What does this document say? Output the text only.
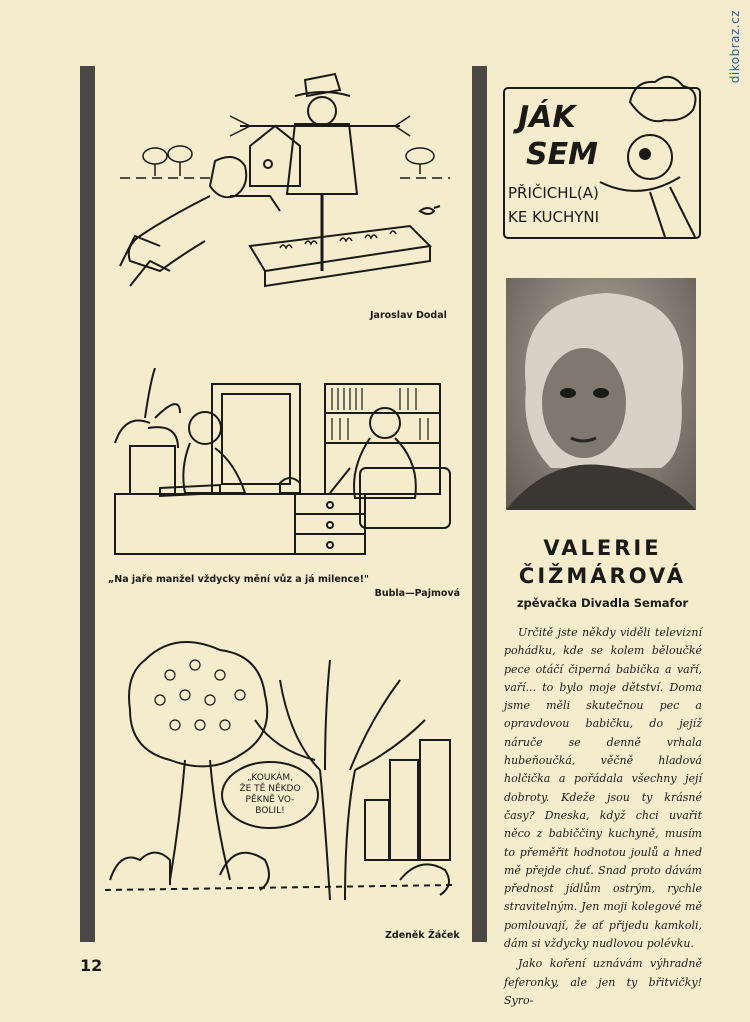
dikobraz.cz
Jaroslav Dodal
„Na jaře manžel vždycky mění vůz a já milence!"
Bubla—Pajmová
„KOUKÁM,
ŽE TĚ NĚKDO
PĚKNĚ VO-
BOLIL!
Zdeněk Žáček
12
JÁK
SEM
PŘIČICHL(A)
KE KUCHYNI
VALERIE
ČIŽMÁROVÁ
zpěvačka Divadla Semafor

Určitě jste někdy viděli televizní pohádku, kde se kolem běloučké pece otáčí čiperná babička a vaří, vaří... to bylo moje dětství. Doma jsme měli skutečnou pec a opravdovou babičku, do jejíž náruče se denně vrhala hubeňoučká, věčně hladová holčička a pořádala všechny její dobroty. Kdeže jsou ty krásné časy? Dneska, když chci uvařit něco z babiččiny kuchyně, musím to přeměřit hodnotou joulů a hned mě přejde chuť. Snad proto dávám přednost jídlům ostrým, rychle stravitelným. Jen moji kolegové mě pomlouvají, že ať přijedu kamkoli, dám si vždycky nudlovou polévku.

Jako koření uznávám výhradně feferonky, ale jen ty břitvičky! Syro-
